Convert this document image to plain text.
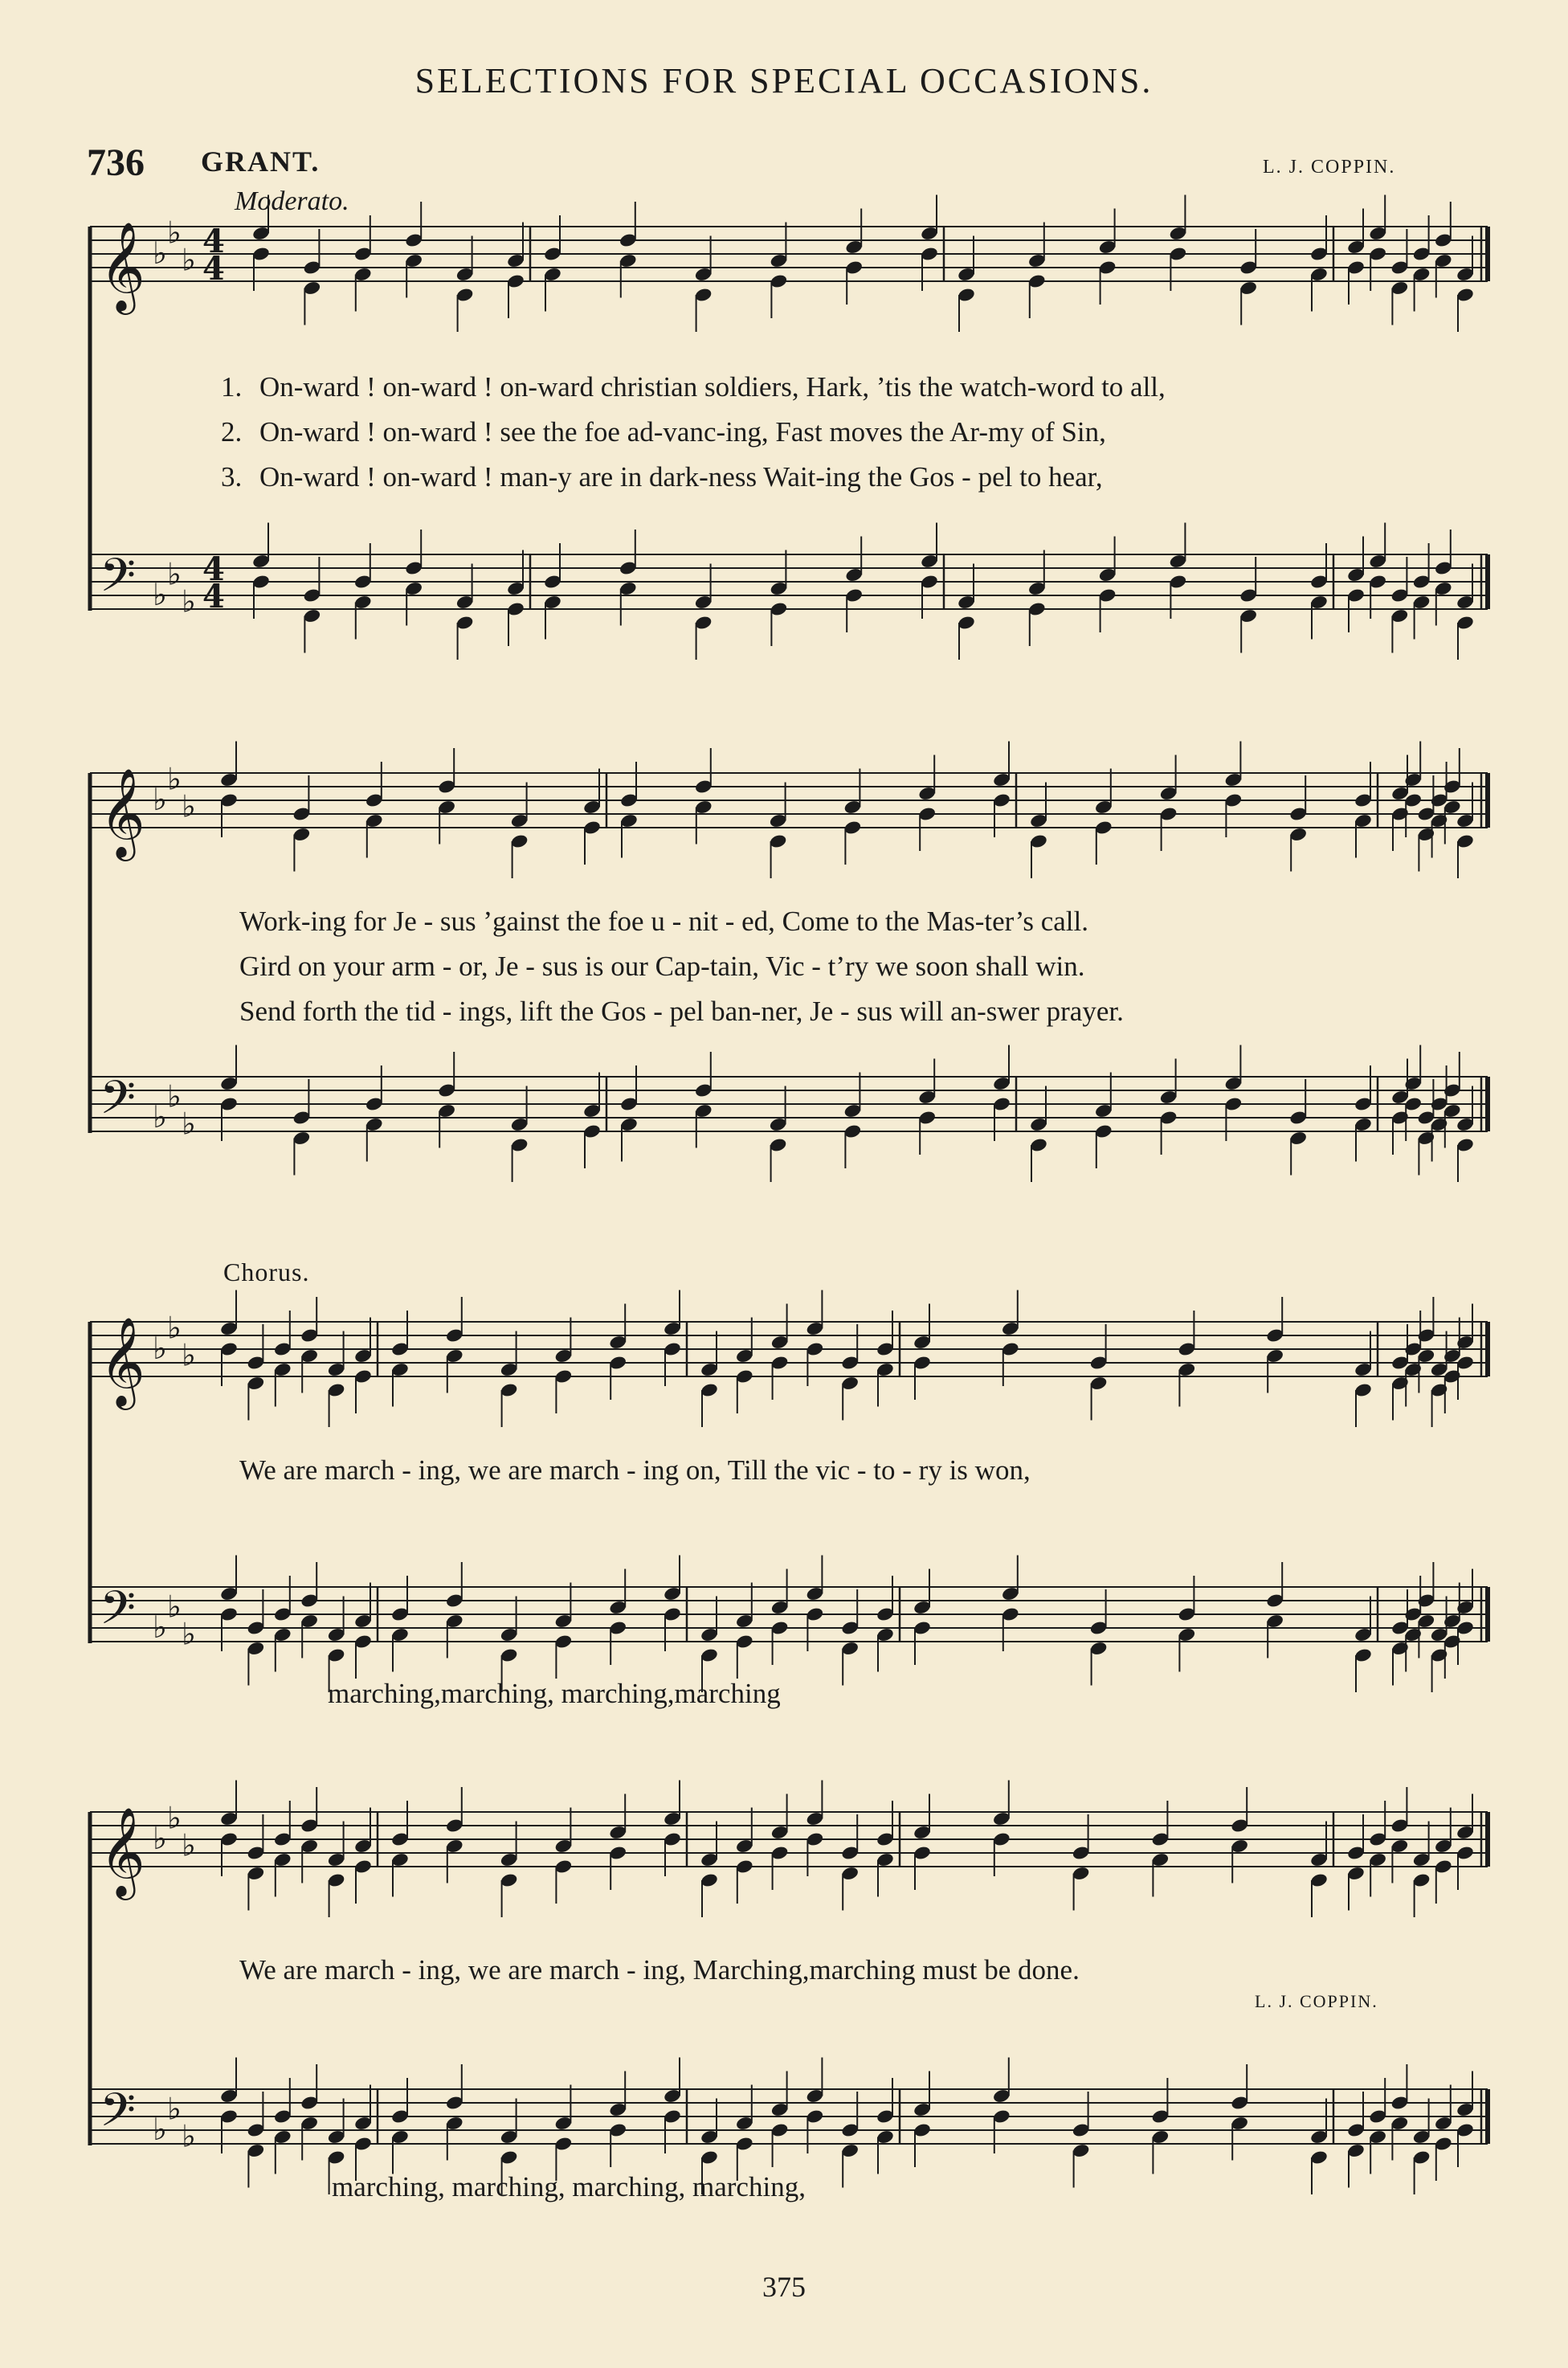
SELECTIONS FOR SPECIAL OCCASIONS.
736 GRANT.	L. J. COPPIN.
Moderato.
𝄞 ♭
♭
♭ 4
4
𝄢 ♭
♭
♭
4
4
𝄞 ♭
♭
♭
𝄢 ♭
♭
♭
𝄞 ♭
♭
♭
𝄢 ♭
♭
♭
𝄞 ♭
♭
♭
𝄢 ♭
♭
♭
1. On-ward ! on-ward ! on-ward christian soldiers, Hark, ’tis the watch-word to all,
2. On-ward ! on-ward ! see the foe ad-vanc-ing, Fast moves the Ar-my of Sin,
3. On-ward ! on-ward ! man-y are in dark-ness Wait-ing the Gos - pel to hear,
Work-ing for Je - sus ’gainst the foe u - nit - ed, Come to the Mas-ter’s call.
Gird on your arm - or, Je - sus is our Cap-tain, Vic - t’ry we soon shall win.
Send forth the tid - ings, lift the Gos - pel ban-ner, Je - sus will an-swer prayer.
Chorus.
We are march - ing, we are march - ing on, Till the vic - to - ry is won,
marching,marching, marching,marching
We are march - ing, we are march - ing, Marching,marching must be done.
L. J. COPPIN.
marching, marching, marching, marching,
375
